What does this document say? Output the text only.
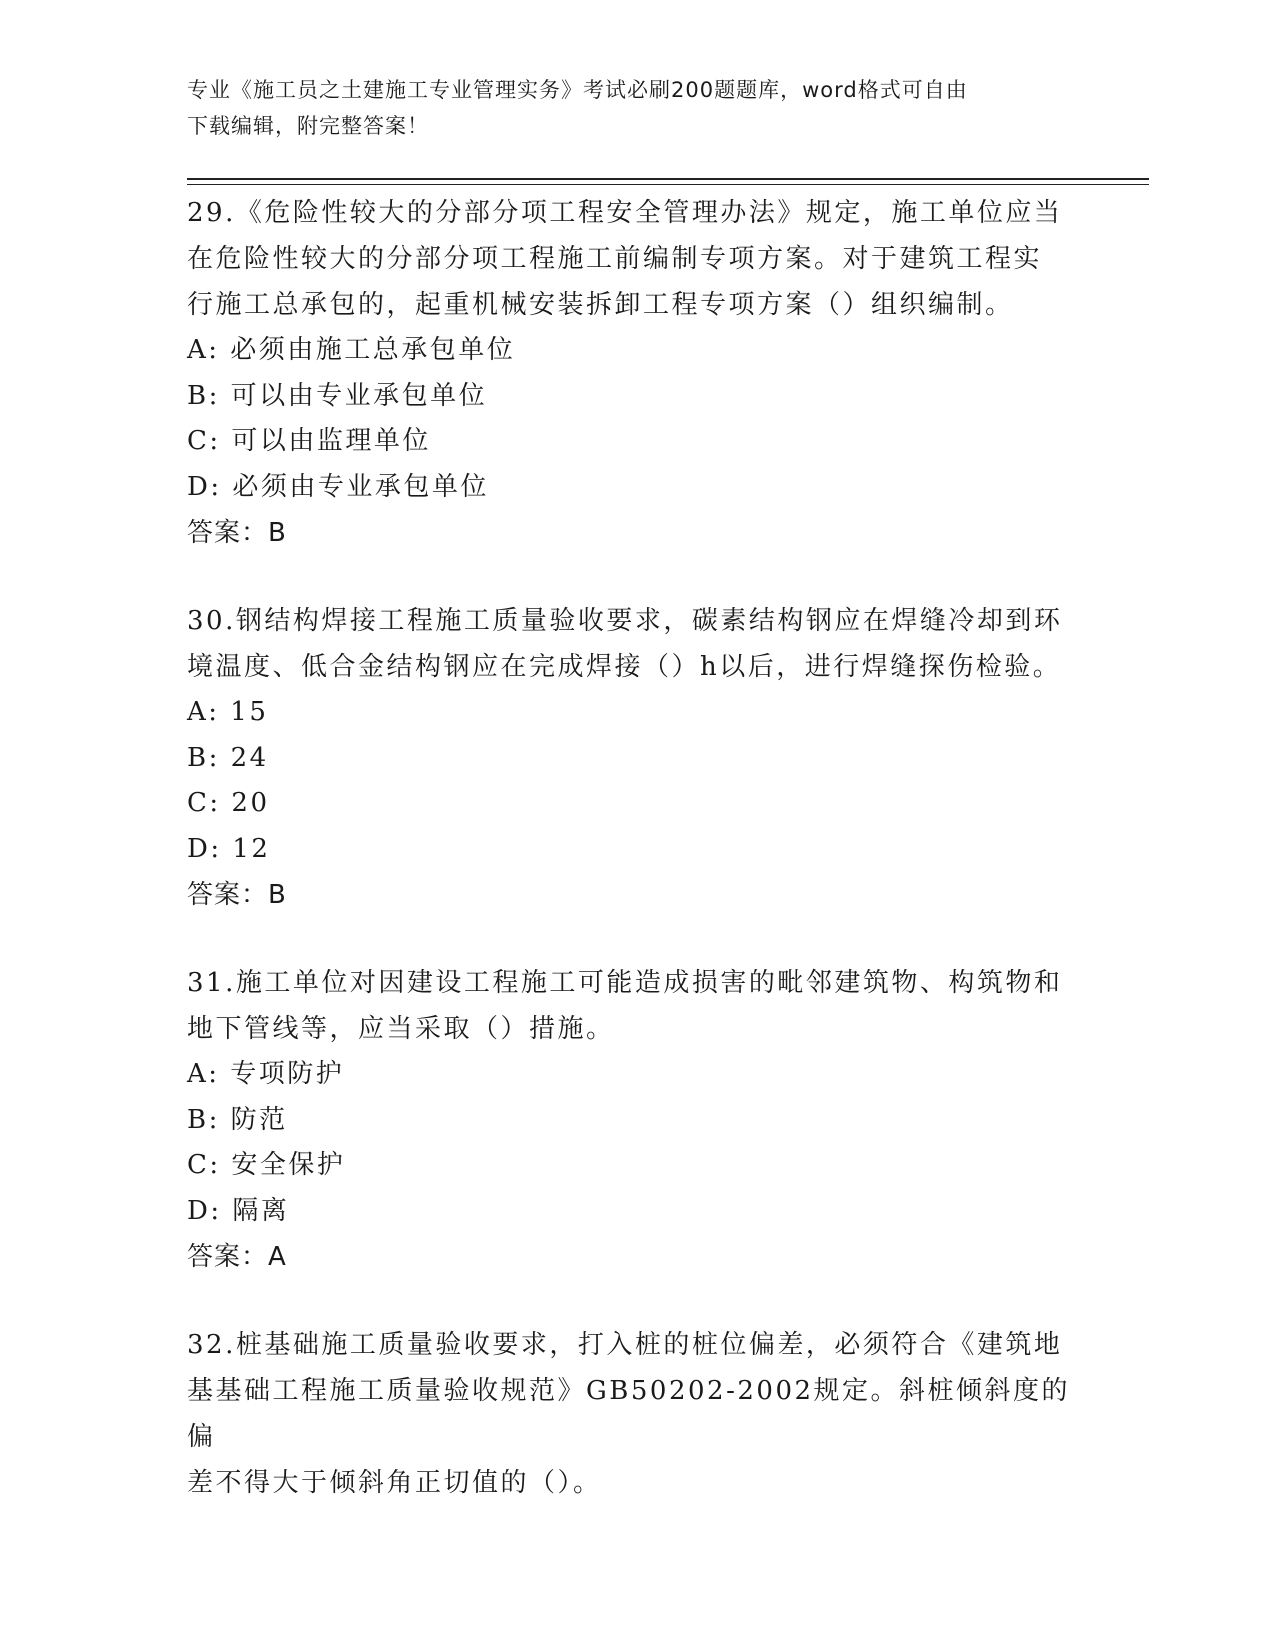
专业《施工员之土建施工专业管理实务》考试必刷200题题库，word格式可自由
下载编辑，附完整答案！
29.《危险性较大的分部分项工程安全管理办法》规定，施工单位应当
在危险性较大的分部分项工程施工前编制专项方案。对于建筑工程实
行施工总承包的，起重机械安装拆卸工程专项方案（）组织编制。
A: 必须由施工总承包单位
B: 可以由专业承包单位
C: 可以由监理单位
D: 必须由专业承包单位
答案：B
30.钢结构焊接工程施工质量验收要求，碳素结构钢应在焊缝冷却到环
境温度、低合金结构钢应在完成焊接（）h以后，进行焊缝探伤检验。
A: 15
B: 24
C: 20
D: 12
答案：B
31.施工单位对因建设工程施工可能造成损害的毗邻建筑物、构筑物和
地下管线等，应当采取（）措施。
A: 专项防护
B: 防范
C: 安全保护
D: 隔离
答案：A
32.桩基础施工质量验收要求，打入桩的桩位偏差，必须符合《建筑地
基基础工程施工质量验收规范》GB50202-2002规定。斜桩倾斜度的偏
差不得大于倾斜角正切值的（）。
